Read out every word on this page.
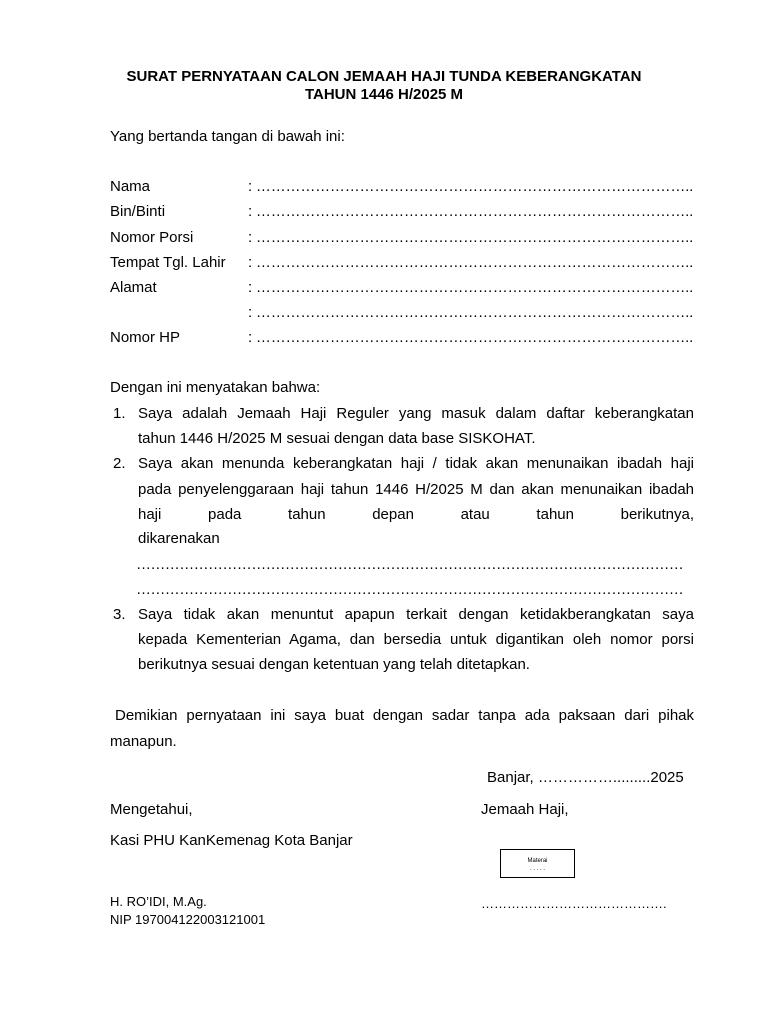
SURAT PERNYATAAN CALON JEMAAH HAJI TUNDA KEBERANGKATAN
TAHUN 1446 H/2025 M
Yang bertanda tangan di bawah ini:
Nama	: ……………………………………………………………………………..
Bin/Binti	: ……………………………………………………………………………..
Nomor Porsi	: ……………………………………………………………………………..
Tempat Tgl. Lahir : ……………………………………………………………………………..
Alamat	: ……………………………………………………………………………..
: ……………………………………………………………………………..
Nomor HP	: ……………………………………………………………………………..
Dengan ini menyatakan bahwa:
1. Saya adalah Jemaah Haji Reguler yang masuk dalam daftar keberangkatan
tahun 1446 H/2025 M sesuai dengan data base SISKOHAT.
2. Saya akan menunda keberangkatan haji / tidak akan menunaikan ibadah haji
pada penyelenggaraan haji tahun 1446 H/2025 M dan akan menunaikan ibadah
haji pada tahun depan atau tahun berikutnya,
dikarenakan
……………………………………………………………………………………………………
……………………………………………………………………………………………………
3. Saya tidak akan menuntut apapun terkait dengan ketidakberangkatan saya
kepada Kementerian Agama, dan bersedia untuk digantikan oleh nomor porsi
berikutnya sesuai dengan ketentuan yang telah ditetapkan.
Demikian pernyataan ini saya buat dengan sadar tanpa ada paksaan dari pihak
manapun.
Banjar, …………….........2025
Mengetahui,
Kasi PHU KanKemenag Kota Banjar
H. RO’IDI, M.Ag.
NIP 197004122003121001
Jemaah Haji,
Materai
. . . . .
…………………………………….
